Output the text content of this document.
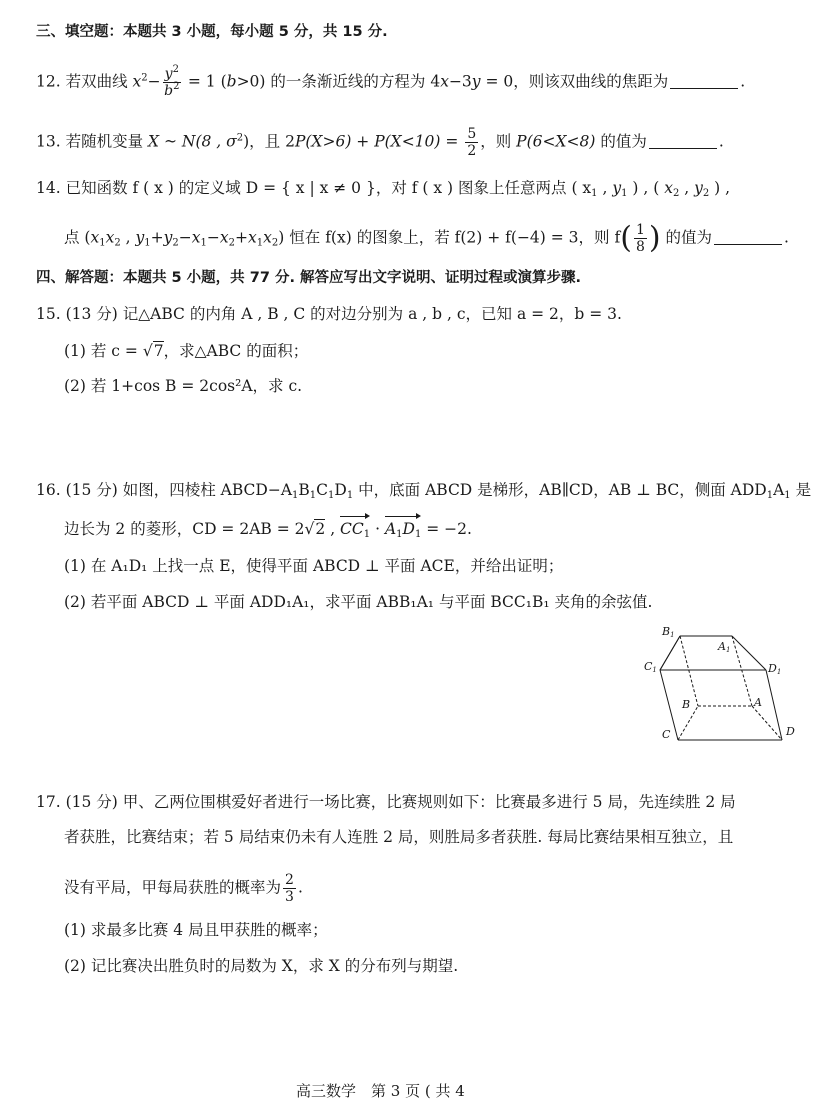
三、填空题：本题共 3 小题，每小题 5 分，共 15 分.
12. 若双曲线 $x^2- \frac{y^2}{b^2} = 1$ (b>0) 的一条渐近线的方程为 4x−3y = 0，则该双曲线的焦距为	.
13. 若随机变量 X ~ N(8 , $\sigma^2$)，且 $2P(X>6) + P(X<10) = \frac{5}{2}$ ，则 P(6<X<8) 的值为	.
14. 已知函数 f ( x ) 的定义域 D = { x | x ≠ 0 }，对 f ( x ) 图象上任意两点 ( $x_1$ , $y_1$ ) , ( $x_2$ , $y_2$ ) ,
点 ($x_1x_2$ , $y_1+y_2-x_1-x_2+x_1x_2$) 恒在 f(x) 的图象上，若 f(2) + f(−4) = 3，则 $f( \frac{1}{8}$ ) 的值为	.
四、解答题：本题共 5 小题，共 77 分. 解答应写出文字说明、证明过程或演算步骤.
15. (13 分) 记△ABC 的内角 A , B , C 的对边分别为 a , b , c，已知 a = 2，b = 3.
(1) 若 c = √7，求△ABC 的面积；
(2) 若 1+cos B = 2cos²A，求 c.
16. (15 分) 如图，四棱柱 $ABCD-A_1B_1C_1D_1$ 中，底面 ABCD 是梯形，AB∥CD，AB ⊥ BC，侧面 $ADD_1A_1$ 是
边长为 2 的菱形，CD = 2AB = 2√2 , $CC_1 \cdot A_1D_1 = -2$.
(1) 在 A₁D₁ 上找一点 E，使得平面 ABCD ⊥ 平面 ACE，并给出证明；
(2) 若平面 ABCD ⊥ 平面 ADD₁A₁，求平面 ABB₁A₁ 与平面 BCC₁B₁ 夹角的余弦值.
B1
A1
C1	D1
B	A
C	D
17. (15 分) 甲、乙两位围棋爱好者进行一场比赛，比赛规则如下：比赛最多进行 5 局，先连续胜 2 局
者获胜，比赛结束；若 5 局结束仍未有人连胜 2 局，则胜局多者获胜. 每局比赛结果相互独立，且
没有平局，甲每局获胜的概率为 $\frac{2}{3}$ .
(1) 求最多比赛 4 局且甲获胜的概率；
(2) 记比赛决出胜负时的局数为 X，求 X 的分布列与期望.
高三数学　第 3 页 ( 共 4
